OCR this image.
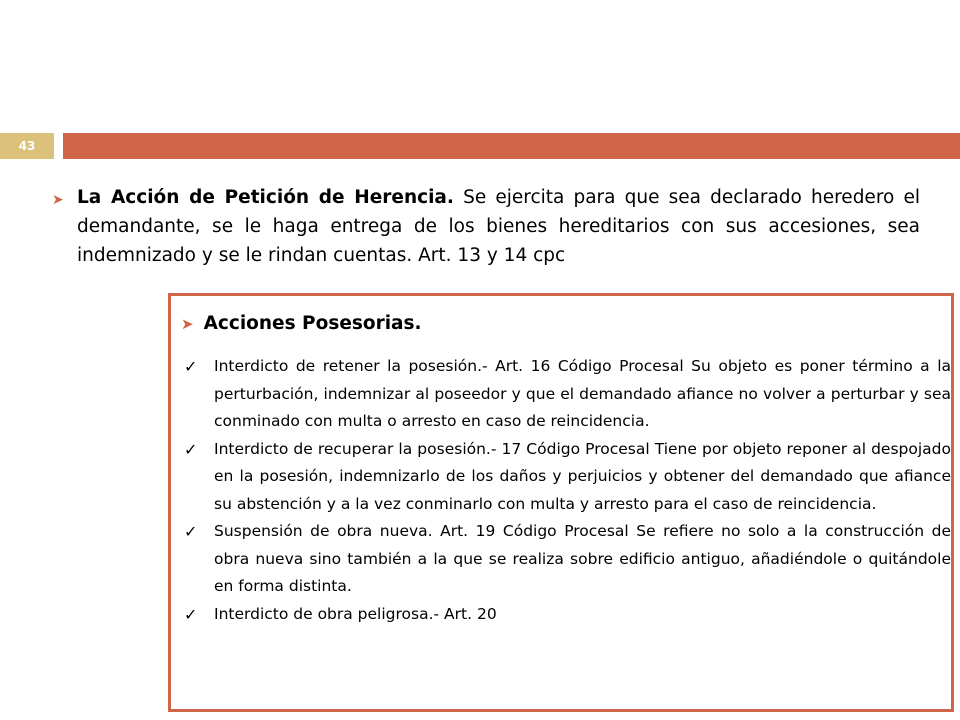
43
➤ La Acción de Petición de Herencia. Se ejercita para que sea declarado heredero el demandante, se le haga entrega de los bienes hereditarios con sus accesiones, sea indemnizado y se le rindan cuentas. Art. 13 y 14 cpc
➤ Acciones Posesorias.
✓ Interdicto de retener la posesión.- Art. 16 Código Procesal Su objeto es poner término a la perturbación, indemnizar al poseedor y que el demandado afiance no volver a perturbar y sea conminado con multa o arresto en caso de reincidencia.
✓ Interdicto de recuperar la posesión.- 17 Código Procesal Tiene por objeto reponer al despojado en la posesión, indemnizarlo de los daños y perjuicios y obtener del demandado que afiance su abstención y a la vez conminarlo con multa y arresto para el caso de reincidencia.
✓ Suspensión de obra nueva. Art. 19 Código Procesal Se refiere no solo a la construcción de obra nueva sino también a la que se realiza sobre edificio antiguo, añadiéndole o quitándole en forma distinta.
✓ Interdicto de obra peligrosa.- Art. 20
